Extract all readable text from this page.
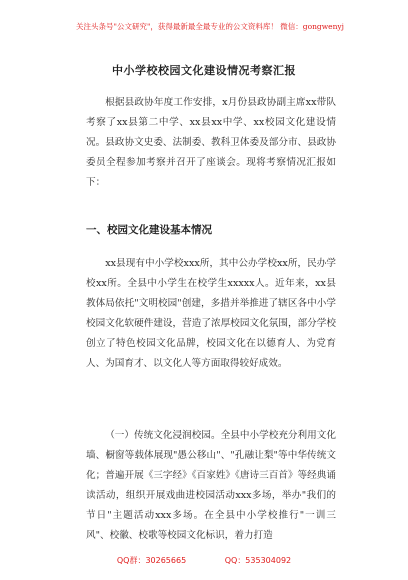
关注头条号"公文研究"，获得最新最全最专业的公文资料库！ 微信：gongwenyj
中小学校校园文化建设情况考察汇报

根据县政协年度工作安排，x月份县政协副主席xx带队考察了xx县第二中学、xx县xx中学、xx校园文化建设情况。县政协文史委、法制委、教科卫体委及部分市、县政协委员全程参加考察并召开了座谈会。现将考察情况汇报如下：

一、校园文化建设基本情况

xx县现有中小学校xxx所，其中公办学校xx所，民办学校xx所。全县中小学生在校学生xxxxx人。近年来，xx县教体局依托"文明校园"创建，多措并举推进了辖区各中小学校园文化软硬件建设，营造了浓厚校园文化氛围，部分学校创立了特色校园文化品牌，校园文化在以德育人、为党育人、为国育才、以文化人等方面取得较好成效。

（一）传统文化浸润校园。全县中小学校充分利用文化墙、橱窗等载体展现"愚公移山"、"孔融让梨"等中华传统文化；普遍开展《三字经》《百家姓》《唐诗三百首》等经典诵读活动，组织开展戏曲进校园活动xxx多场，举办"我们的节日"主题活动xxx多场。在全县中小学校推行"一训三风"、校徽、校歌等校园文化标识，着力打造

QQ群：30265665	QQ：535304092
